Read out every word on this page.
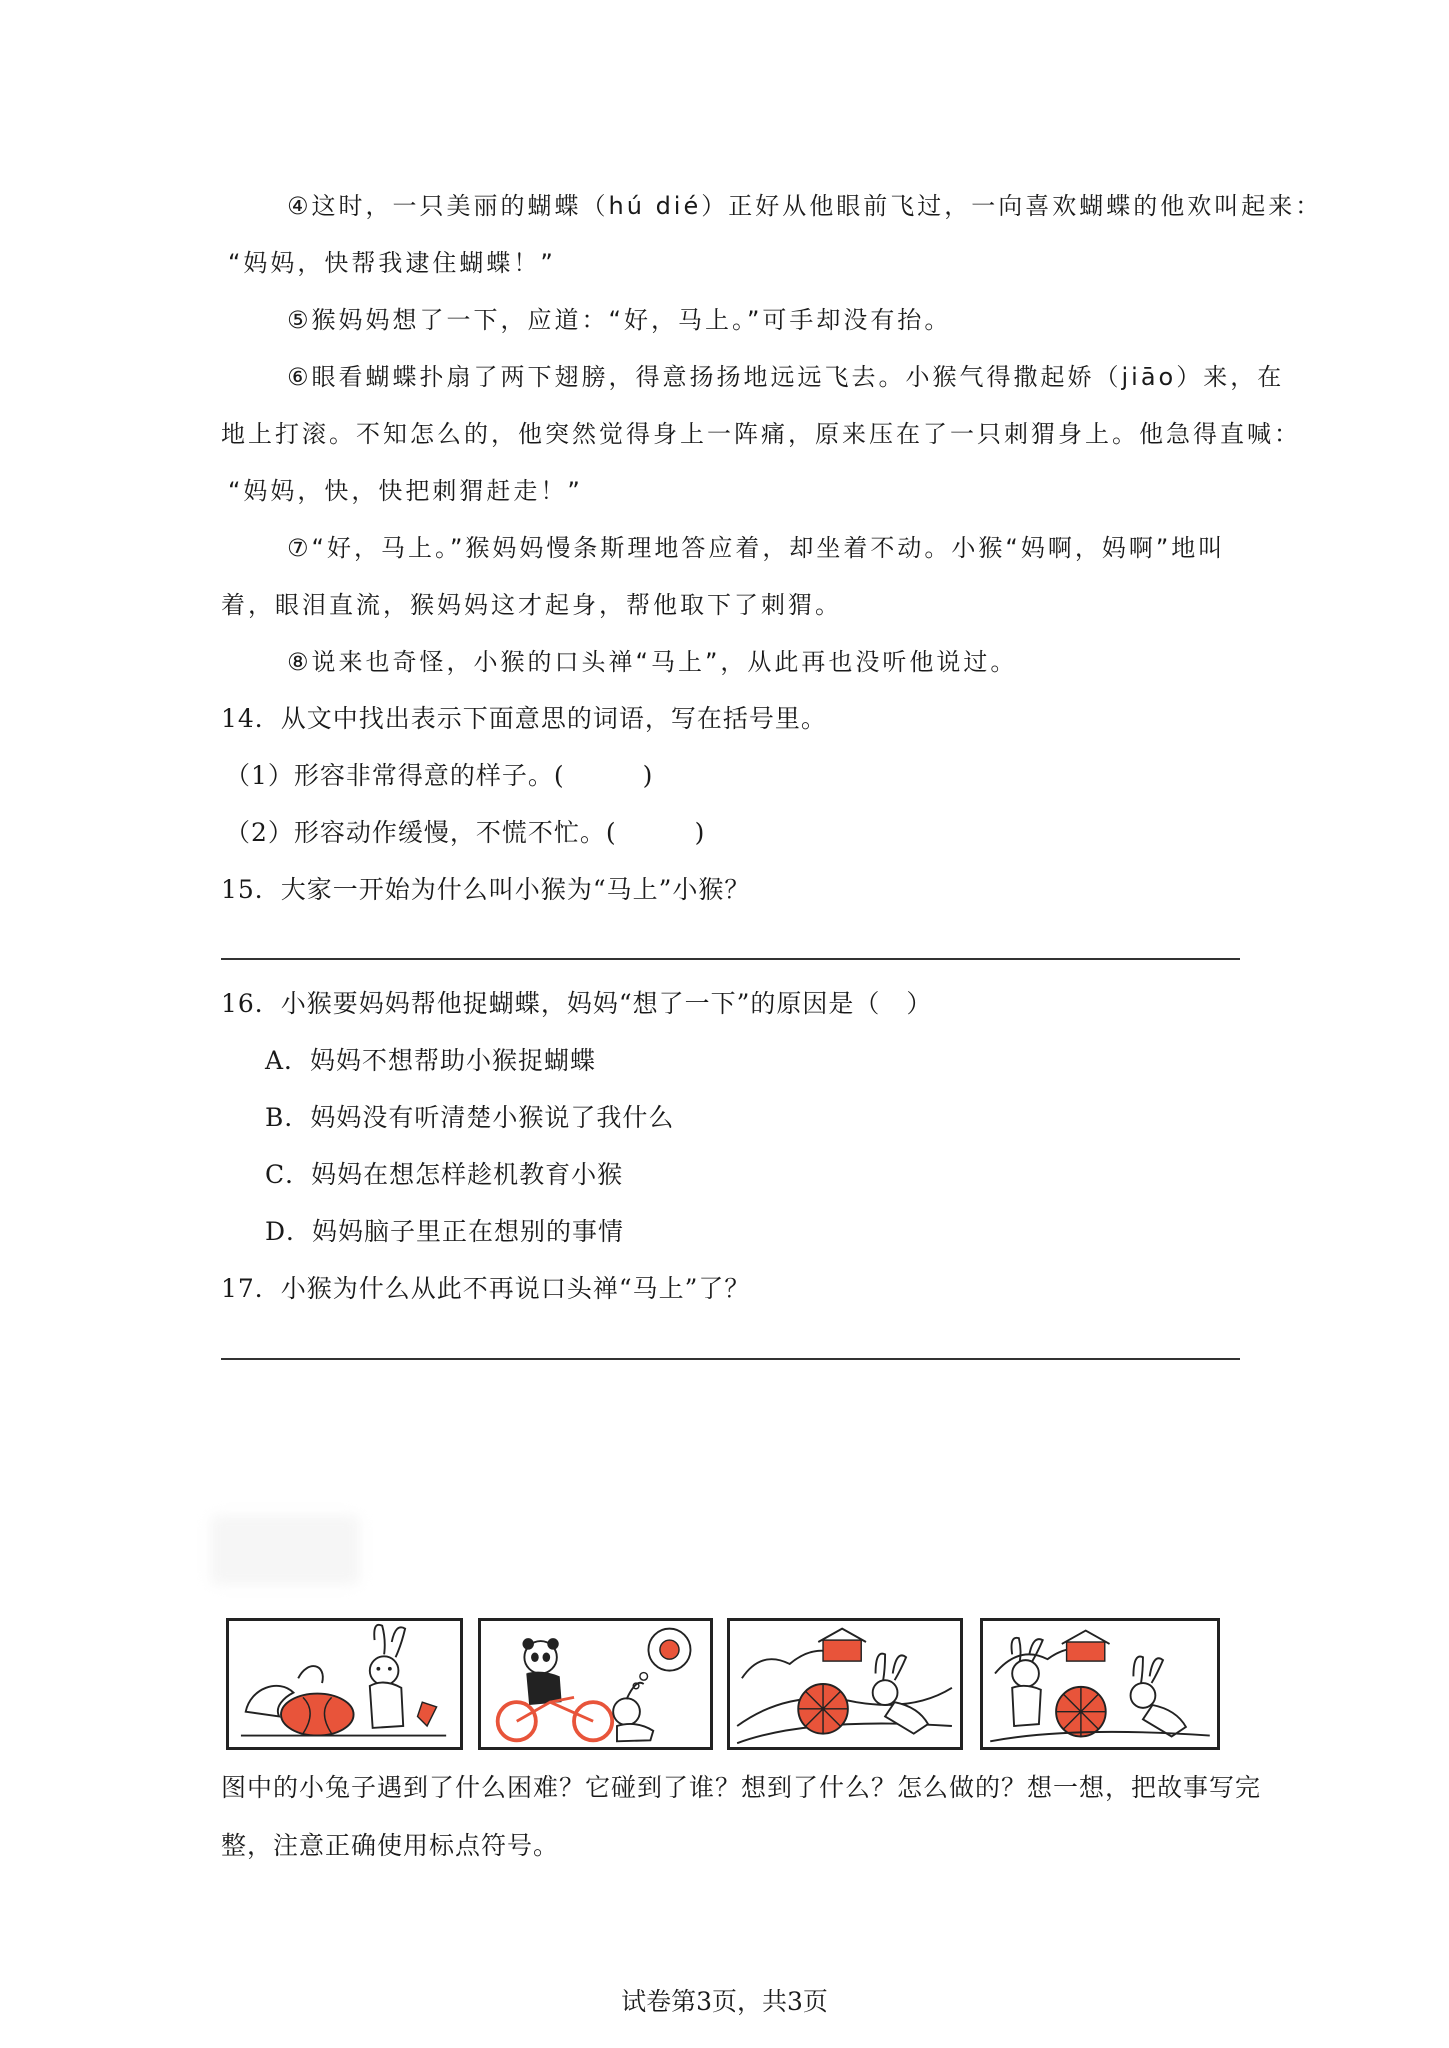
④这时，一只美丽的蝴蝶（hú dié）正好从他眼前飞过，一向喜欢蝴蝶的他欢叫起来：
“妈妈，快帮我逮住蝴蝶！”
⑤猴妈妈想了一下，应道：“好，马上。”可手却没有抬。
⑥眼看蝴蝶扑扇了两下翅膀，得意扬扬地远远飞去。小猴气得撒起娇（jiāo）来，在
地上打滚。不知怎么的，他突然觉得身上一阵痛，原来压在了一只刺猬身上。他急得直喊：
“妈妈，快，快把刺猬赶走！”
⑦“好，马上。”猴妈妈慢条斯理地答应着，却坐着不动。小猴“妈啊，妈啊”地叫
着，眼泪直流，猴妈妈这才起身，帮他取下了刺猬。
⑧说来也奇怪，小猴的口头禅“马上”，从此再也没听他说过。
14．从文中找出表示下面意思的词语，写在括号里。
（1）形容非常得意的样子。(　　　)
（2）形容动作缓慢，不慌不忙。(　　　)
15．大家一开始为什么叫小猴为“马上”小猴？
16．小猴要妈妈帮他捉蝴蝶，妈妈“想了一下”的原因是（　）
A．妈妈不想帮助小猴捉蝴蝶
B．妈妈没有听清楚小猴说了我什么
C．妈妈在想怎样趁机教育小猴
D．妈妈脑子里正在想别的事情
17．小猴为什么从此不再说口头禅“马上”了？
图中的小兔子遇到了什么困难？它碰到了谁？想到了什么？怎么做的？想一想，把故事写完
整，注意正确使用标点符号。
试卷第3页，共3页
